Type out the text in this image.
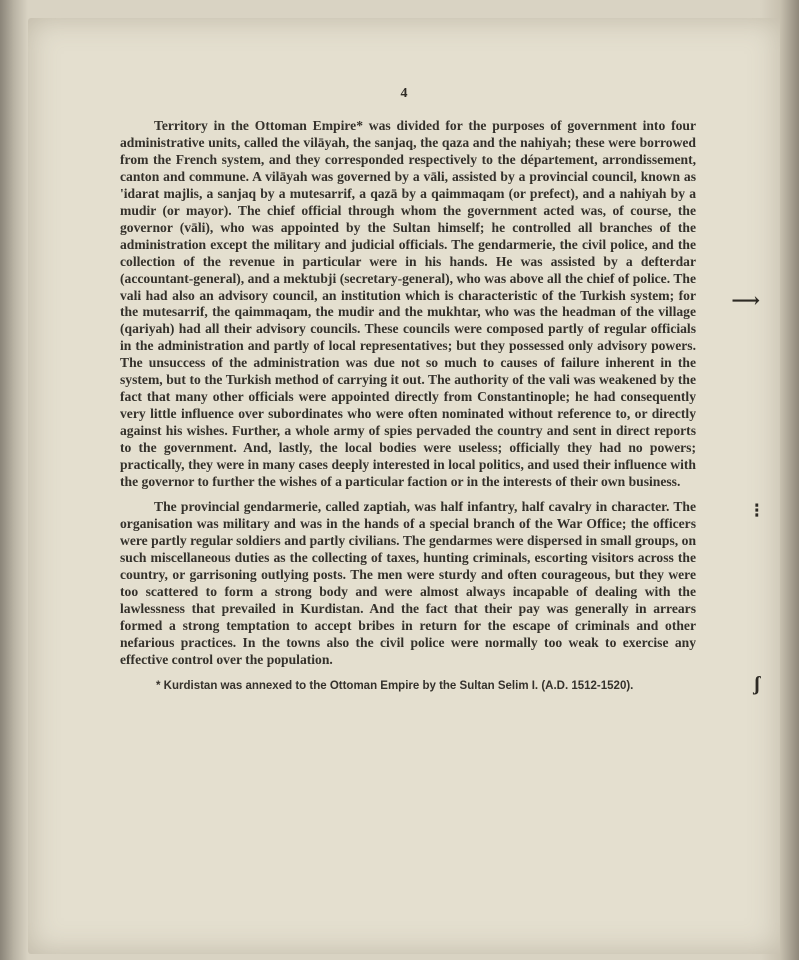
4

Territory in the Ottoman Empire* was divided for the purposes of government into four administrative units, called the vilāyah, the sanjaq, the qaza and the nahiyah; these were borrowed from the French system, and they corresponded respectively to the département, arrondissement, canton and commune. A vilāyah was governed by a vāli, assisted by a provincial council, known as 'idarat majlis, a sanjaq by a mutesarrif, a qazā by a qaimmaqam (or prefect), and a nahiyah by a mudir (or mayor). The chief official through whom the government acted was, of course, the governor (vāli), who was appointed by the Sultan himself; he controlled all branches of the administration except the military and judicial officials. The gendarmerie, the civil police, and the collection of the revenue in particular were in his hands. He was assisted by a defterdar (accountant-general), and a mektubji (secretary-general), who was above all the chief of police. The vali had also an advisory council, an institution which is characteristic of the Turkish system; for the mutesarrif, the qaimmaqam, the mudir and the mukhtar, who was the headman of the village (qariyah) had all their advisory councils. These councils were composed partly of regular officials in the administration and partly of local representatives; but they possessed only advisory powers. The unsuccess of the administration was due not so much to causes of failure inherent in the system, but to the Turkish method of carrying it out. The authority of the vali was weakened by the fact that many other officials were appointed directly from Constantinople; he had consequently very little influence over subordinates who were often nominated without reference to, or directly against his wishes. Further, a whole army of spies pervaded the country and sent in direct reports to the government. And, lastly, the local bodies were useless; officially they had no powers; practically, they were in many cases deeply interested in local politics, and used their influence with the governor to further the wishes of a particular faction or in the interests of their own business.

The provincial gendarmerie, called zaptiah, was half infantry, half cavalry in character. The organisation was military and was in the hands of a special branch of the War Office; the officers were partly regular soldiers and partly civilians. The gendarmes were dispersed in small groups, on such miscellaneous duties as the collecting of taxes, hunting criminals, escorting visitors across the country, or garrisoning outlying posts. The men were sturdy and often courageous, but they were too scattered to form a strong body and were almost always incapable of dealing with the lawlessness that prevailed in Kurdistan. And the fact that their pay was generally in arrears formed a strong temptation to accept bribes in return for the escape of criminals and other nefarious practices. In the towns also the civil police were normally too weak to exercise any effective control over the population.

* Kurdistan was annexed to the Ottoman Empire by the Sultan Selim I. (A.D. 1512-1520).
⟶
⁝
ʃ
